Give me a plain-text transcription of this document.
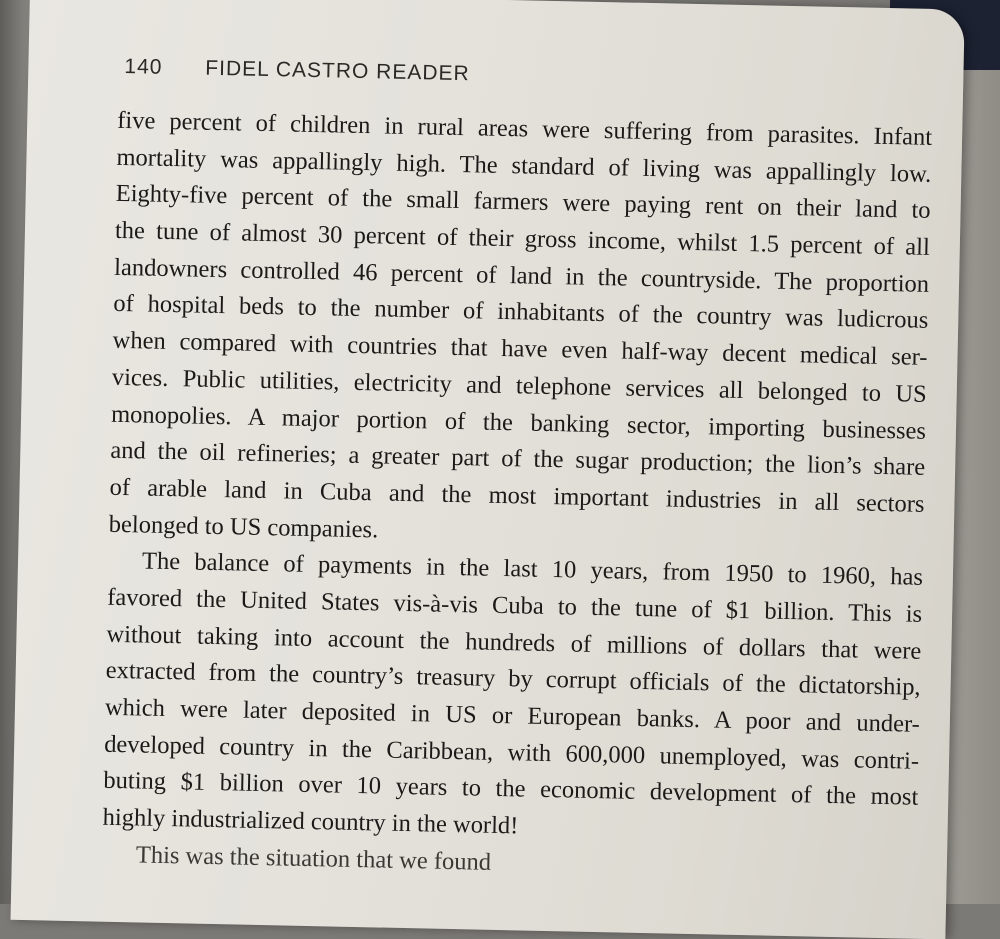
140 FIDEL CASTRO READER
five percent of children in rural areas were suffering from parasites. Infant
mortality was appallingly high. The standard of living was appallingly low.
Eighty-five percent of the small farmers were paying rent on their land to
the tune of almost 30 percent of their gross income, whilst 1.5 percent of all
landowners controlled 46 percent of land in the countryside. The proportion
of hospital beds to the number of inhabitants of the country was ludicrous
when compared with countries that have even half-way decent medical ser-
vices. Public utilities, electricity and telephone services all belonged to US
monopolies. A major portion of the banking sector, importing businesses
and the oil refineries; a greater part of the sugar production; the lion’s share
of arable land in Cuba and the most important industries in all sectors
belonged to US companies.
The balance of payments in the last 10 years, from 1950 to 1960, has
favored the United States vis-à-vis Cuba to the tune of $1 billion. This is
without taking into account the hundreds of millions of dollars that were
extracted from the country’s treasury by corrupt officials of the dictatorship,
which were later deposited in US or European banks. A poor and under-
developed country in the Caribbean, with 600,000 unemployed, was contri-
buting $1 billion over 10 years to the economic development of the most
highly industrialized country in the world!
This was the situation that we found
